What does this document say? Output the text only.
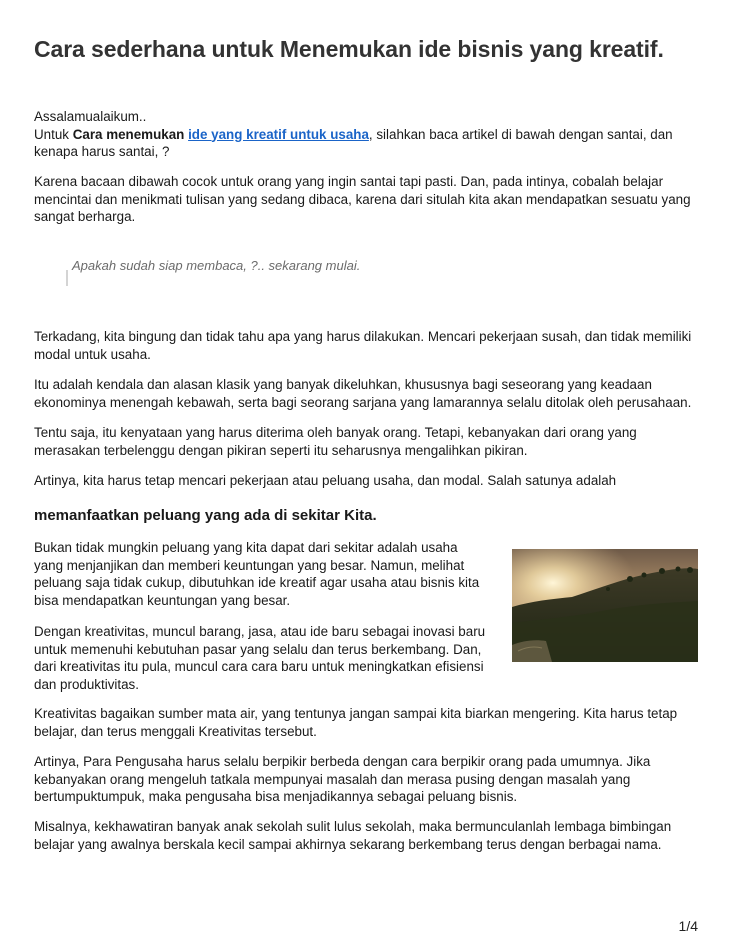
Cara sederhana untuk Menemukan ide bisnis yang kreatif.

Assalamualaikum..

Untuk Cara menemukan ide yang kreatif untuk usaha, silahkan baca artikel di bawah dengan santai, dan kenapa harus santai, ?

Karena bacaan dibawah cocok untuk orang yang ingin santai tapi pasti. Dan, pada intinya, cobalah belajar mencintai dan menikmati tulisan yang sedang dibaca, karena dari situlah kita akan mendapatkan sesuatu yang sangat berharga.

Apakah sudah siap membaca, ?.. sekarang mulai.

Terkadang, kita bingung dan tidak tahu apa yang harus dilakukan. Mencari pekerjaan susah, dan tidak memiliki modal untuk usaha.

Itu adalah kendala dan alasan klasik yang banyak dikeluhkan, khususnya bagi seseorang yang keadaan ekonominya menengah kebawah, serta bagi seorang sarjana yang lamarannya selalu ditolak oleh perusahaan.

Tentu saja, itu kenyataan yang harus diterima oleh banyak orang. Tetapi, kebanyakan dari orang yang merasakan terbelenggu dengan pikiran seperti itu seharusnya mengalihkan pikiran.

Artinya, kita harus tetap mencari pekerjaan atau peluang usaha, dan modal. Salah satunya adalah

memanfaatkan peluang yang ada di sekitar Kita.

Bukan tidak mungkin peluang yang kita dapat dari sekitar adalah usaha yang menjanjikan dan memberi keuntungan yang besar. Namun, melihat peluang saja tidak cukup, dibutuhkan ide kreatif agar usaha atau bisnis kita bisa mendapatkan keuntungan yang besar.

Dengan kreativitas, muncul barang, jasa, atau ide baru sebagai inovasi baru untuk memenuhi kebutuhan pasar yang selalu dan terus berkembang. Dan, dari kreativitas itu pula, muncul cara cara baru untuk meningkatkan efisiensi dan produktivitas.

Kreativitas bagaikan sumber mata air, yang tentunya jangan sampai kita biarkan mengering. Kita harus tetap belajar, dan terus menggali Kreativitas tersebut.

Artinya, Para Pengusaha harus selalu berpikir berbeda dengan cara berpikir orang pada umumnya. Jika kebanyakan orang mengeluh tatkala mempunyai masalah dan merasa pusing dengan masalah yang bertumpuktumpuk, maka pengusaha bisa menjadikannya sebagai peluang bisnis.

Misalnya, kekhawatiran banyak anak sekolah sulit lulus sekolah, maka bermunculanlah lembaga bimbingan belajar yang awalnya berskala kecil sampai akhirnya sekarang berkembang terus dengan berbagai nama.

1/4
